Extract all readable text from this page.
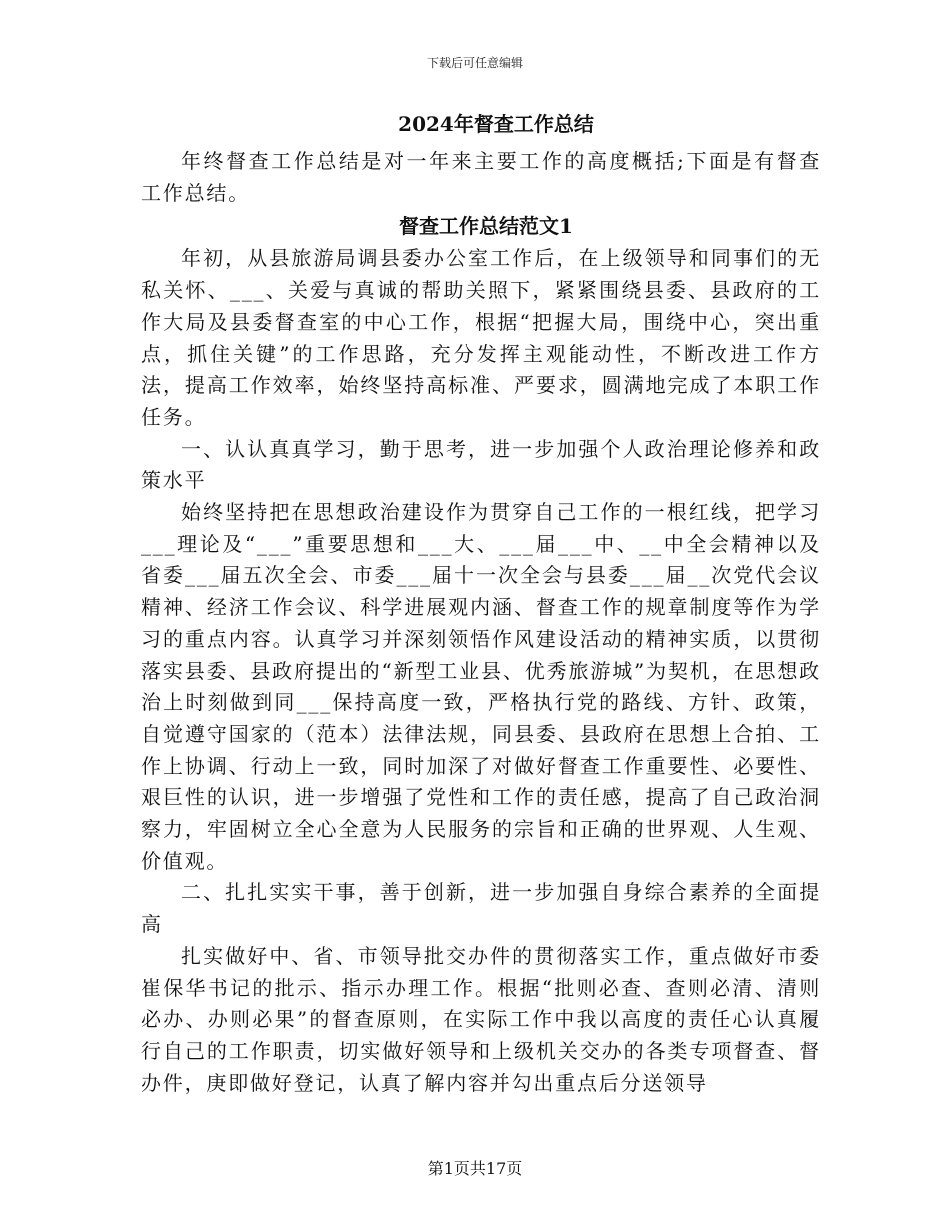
下载后可任意编辑
2024年督查工作总结

年终督查工作总结是对一年来主要工作的高度概括;下面是有督查工作总结。

督查工作总结范文1

年初，从县旅游局调县委办公室工作后，在上级领导和同事们的无私关怀、___、关爱与真诚的帮助关照下，紧紧围绕县委、县政府的工作大局及县委督查室的中心工作，根据“把握大局，围绕中心，突出重点，抓住关键”的工作思路，充分发挥主观能动性，不断改进工作方法，提高工作效率，始终坚持高标准、严要求，圆满地完成了本职工作任务。

一、认认真真学习，勤于思考，进一步加强个人政治理论修养和政策水平

始终坚持把在思想政治建设作为贯穿自己工作的一根红线，把学习___理论及“___”重要思想和___大、___届___中、__中全会精神以及省委___届五次全会、市委___届十一次全会与县委___届__次党代会议精神、经济工作会议、科学进展观内涵、督查工作的规章制度等作为学习的重点内容。认真学习并深刻领悟作风建设活动的精神实质，以贯彻落实县委、县政府提出的“新型工业县、优秀旅游城”为契机，在思想政治上时刻做到同___保持高度一致，严格执行党的路线、方针、政策，自觉遵守国家的（范本）法律法规，同县委、县政府在思想上合拍、工作上协调、行动上一致，同时加深了对做好督查工作重要性、必要性、艰巨性的认识，进一步增强了党性和工作的责任感，提高了自己政治洞察力，牢固树立全心全意为人民服务的宗旨和正确的世界观、人生观、价值观。

二、扎扎实实干事，善于创新，进一步加强自身综合素养的全面提高

扎实做好中、省、市领导批交办件的贯彻落实工作，重点做好市委崔保华书记的批示、指示办理工作。根据“批则必查、查则必清、清则必办、办则必果”的督查原则，在实际工作中我以高度的责任心认真履行自己的工作职责，切实做好领导和上级机关交办的各类专项督查、督办件，庚即做好登记，认真了解内容并勾出重点后分送领导

第1页共17页
